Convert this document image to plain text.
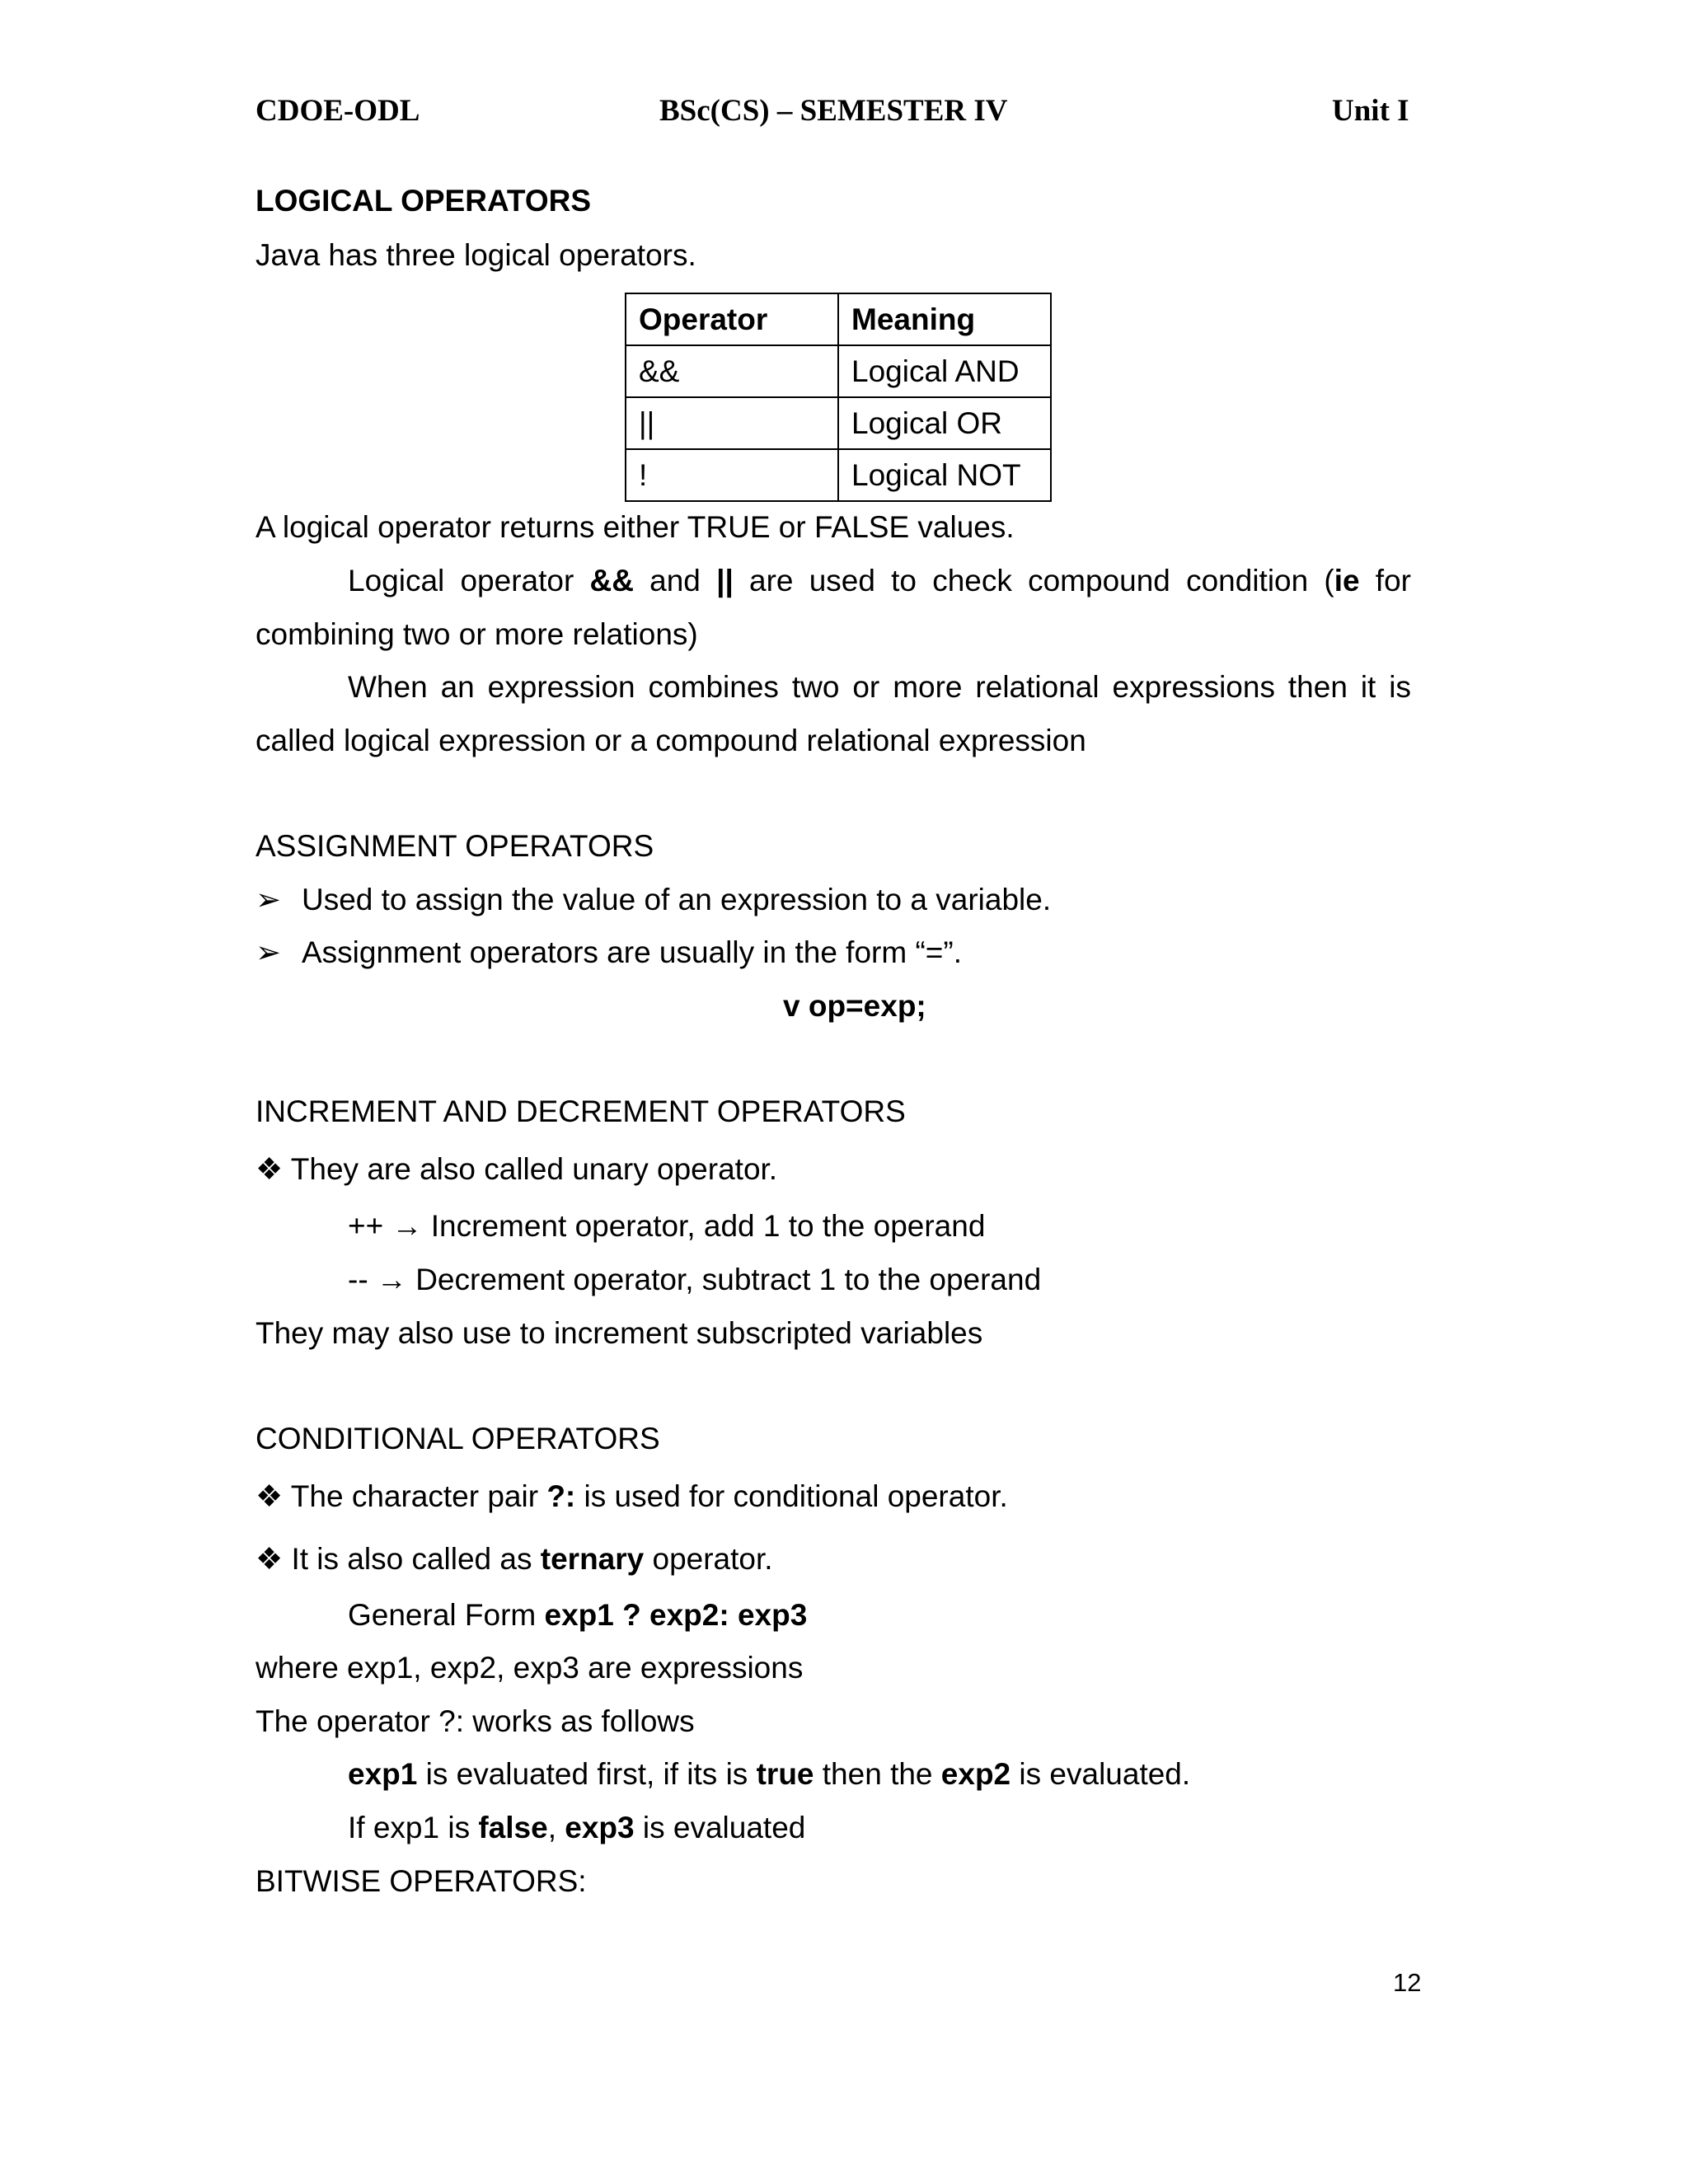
CDOE-ODL	BSc(CS) – SEMESTER IV	Unit I
LOGICAL OPERATORS
Java has three logical operators.
Operator	Meaning
&&	Logical AND
||	Logical OR
!	Logical NOT
A logical operator returns either TRUE or FALSE values.
Logical operator && and || are used to check compound condition (ie for
combining two or more relations)
When an expression combines two or more relational expressions then it is
called logical expression or a compound relational expression
ASSIGNMENT OPERATORS
➢ Used to assign the value of an expression to a variable.
➢ Assignment operators are usually in the form “=”.
v op=exp;
INCREMENT AND DECREMENT OPERATORS
❖ They are also called unary operator.
++ → Increment operator, add 1 to the operand
-- → Decrement operator, subtract 1 to the operand
They may also use to increment subscripted variables
CONDITIONAL OPERATORS
❖ The character pair ?: is used for conditional operator.
❖ It is also called as ternary operator.
General Form exp1 ? exp2: exp3
where exp1, exp2, exp3 are expressions
The operator ?: works as follows
exp1 is evaluated first, if its is true then the exp2 is evaluated.
If exp1 is false, exp3 is evaluated
BITWISE OPERATORS:
12
